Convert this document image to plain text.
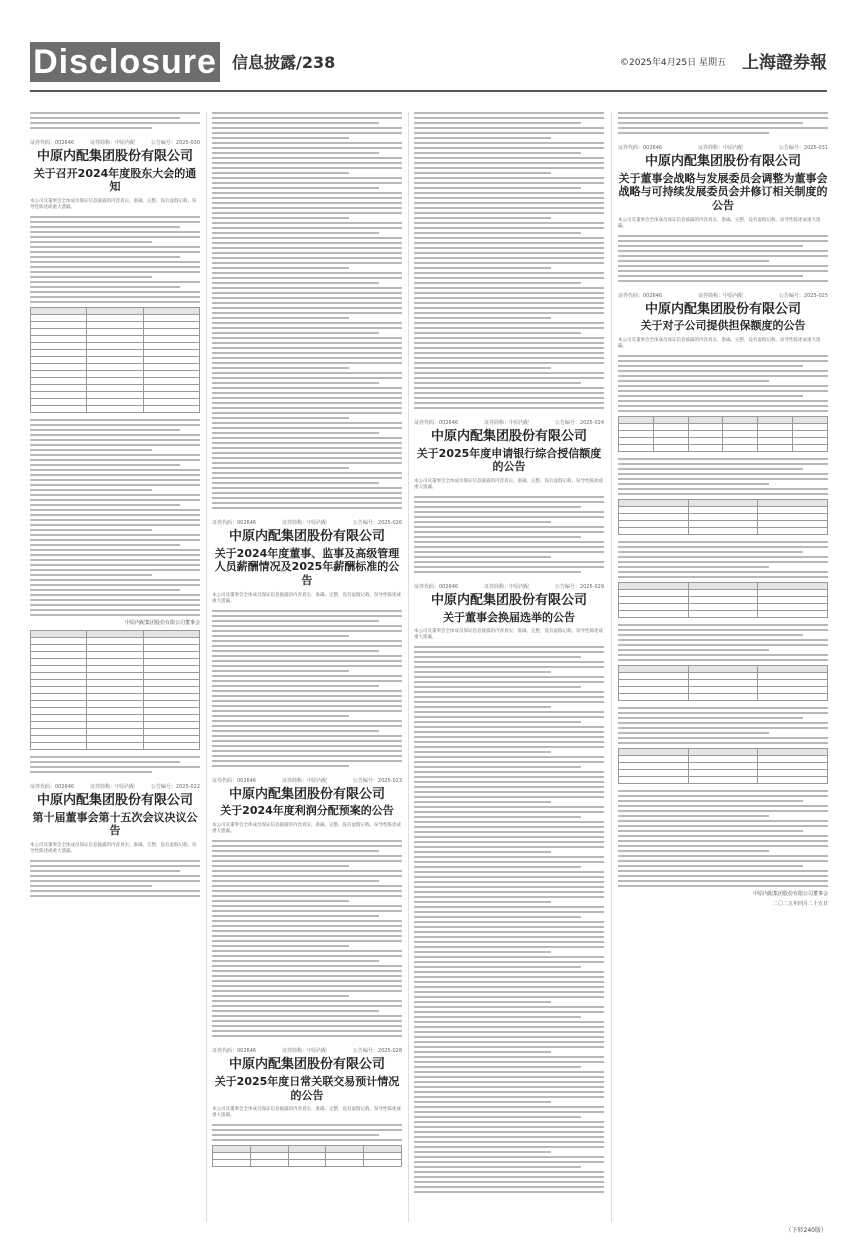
Disclosure 信息披露/238	©2025年4月25日 星期五 上海證券報
证券代码：002646	证券简称：中原内配	公告编号：2025-030
中原内配集团股份有限公司
关于召开2024年度股东大会的通知
本公司及董事会全体成员保证信息披露的内容真实、准确、完整，没有虚假记载、误导性陈述或重大遗漏。

中原内配集团股份有限公司董事会

证券代码：002646	证券简称：中原内配	公告编号：2025-022
中原内配集团股份有限公司
第十届董事会第十五次会议决议公告
本公司及董事会全体成员保证信息披露的内容真实、准确、完整，没有虚假记载、误导性陈述或重大遗漏。
证券代码：002646	证券简称：中原内配	公告编号：2025-026
中原内配集团股份有限公司
关于2024年度董事、监事及高级管理人员薪酬情况及2025年薪酬标准的公告
本公司及董事会全体成员保证信息披露的内容真实、准确、完整，没有虚假记载、误导性陈述或重大遗漏。
证券代码：002646	证券简称：中原内配	公告编号：2025-023
中原内配集团股份有限公司
关于2024年度利润分配预案的公告
本公司及董事会全体成员保证信息披露的内容真实、准确、完整，没有虚假记载、误导性陈述或重大遗漏。
证券代码：002646	证券简称：中原内配	公告编号：2025-028
中原内配集团股份有限公司
关于2025年度日常关联交易预计情况的公告
本公司及董事会全体成员保证信息披露的内容真实、准确、完整，没有虚假记载、误导性陈述或重大遗漏。

证券代码：002646	证券简称：中原内配	公告编号：2025-024
中原内配集团股份有限公司
关于2025年度申请银行综合授信额度的公告
本公司及董事会全体成员保证信息披露的内容真实、准确、完整，没有虚假记载、误导性陈述或重大遗漏。
证券代码：002646	证券简称：中原内配	公告编号：2025-029
中原内配集团股份有限公司
关于董事会换届选举的公告
本公司及董事会全体成员保证信息披露的内容真实、准确、完整，没有虚假记载、误导性陈述或重大遗漏。
证券代码：002646	证券简称：中原内配	公告编号：2025-031
中原内配集团股份有限公司
关于董事会战略与发展委员会调整为董事会战略与可持续发展委员会并修订相关制度的公告
本公司及董事会全体成员保证信息披露的内容真实、准确、完整，没有虚假记载、误导性陈述或重大遗漏。
证券代码：002646	证券简称：中原内配	公告编号：2025-025
中原内配集团股份有限公司
关于对子公司提供担保额度的公告
本公司及董事会全体成员保证信息披露的内容真实、准确、完整，没有虚假记载、误导性陈述或重大遗漏。

中原内配集团股份有限公司董事会
二〇二五年四月二十五日
（下转240版）
